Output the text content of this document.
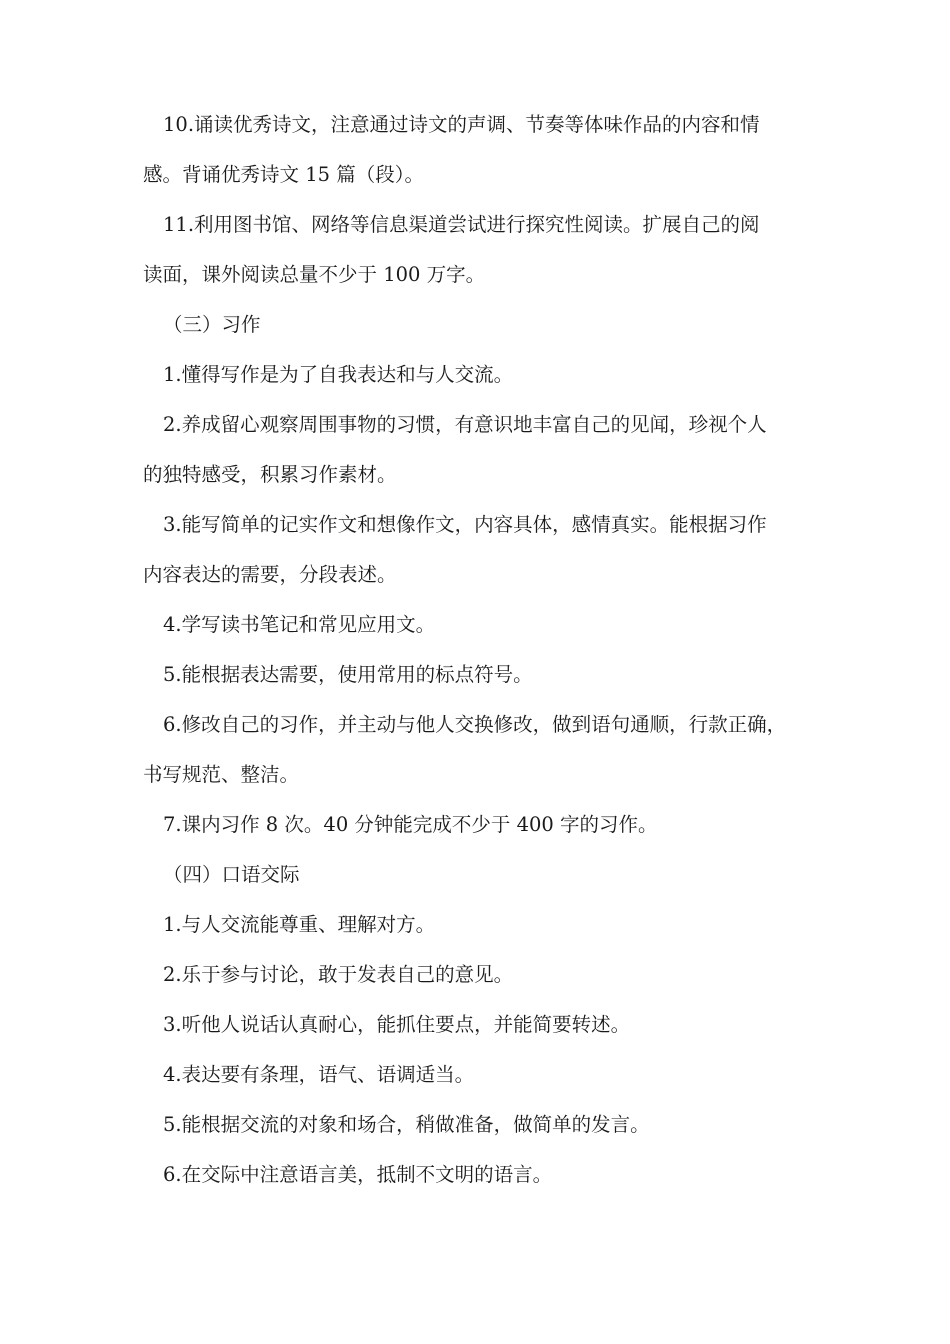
10.诵读优秀诗文，注意通过诗文的声调、节奏等体味作品的内容和情
感。背诵优秀诗文 15 篇（段）。
11.利用图书馆、网络等信息渠道尝试进行探究性阅读。扩展自己的阅
读面，课外阅读总量不少于 100 万字。
（三）习作
1.懂得写作是为了自我表达和与人交流。
2.养成留心观察周围事物的习惯，有意识地丰富自己的见闻，珍视个人
的独特感受，积累习作素材。
3.能写简单的记实作文和想像作文，内容具体，感情真实。能根据习作
内容表达的需要，分段表述。
4.学写读书笔记和常见应用文。
5.能根据表达需要，使用常用的标点符号。
6.修改自己的习作，并主动与他人交换修改，做到语句通顺，行款正确，
书写规范、整洁。
7.课内习作 8 次。40 分钟能完成不少于 400 字的习作。
（四）口语交际
1.与人交流能尊重、理解对方。
2.乐于参与讨论，敢于发表自己的意见。
3.听他人说话认真耐心，能抓住要点，并能简要转述。
4.表达要有条理，语气、语调适当。
5.能根据交流的对象和场合，稍做准备，做简单的发言。
6.在交际中注意语言美，抵制不文明的语言。
